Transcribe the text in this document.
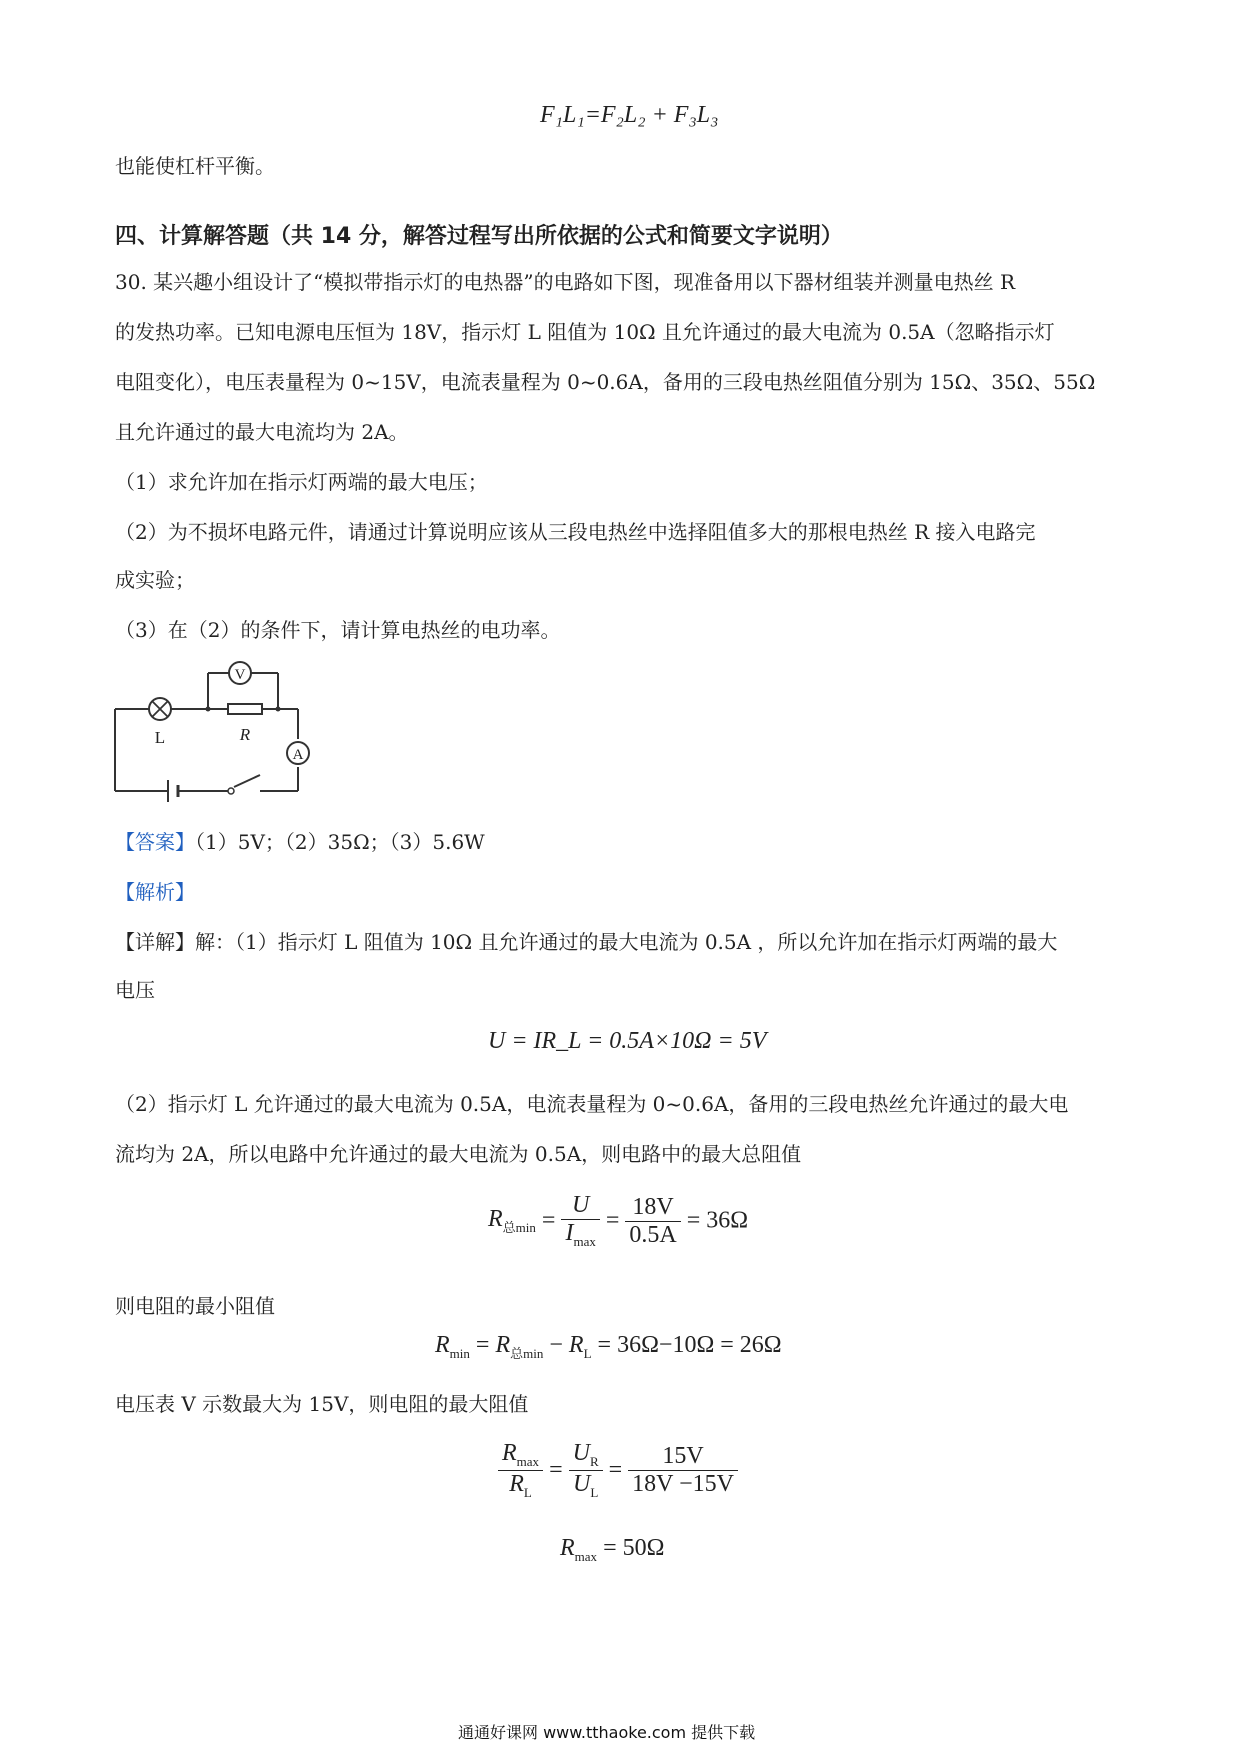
F₁L₁=F₂L₂ + F₃L₃
也能使杠杆平衡。
四、计算解答题（共 14 分，解答过程写出所依据的公式和简要文字说明）
30. 某兴趣小组设计了“模拟带指示灯的电热器”的电路如下图，现准备用以下器材组装并测量电热丝 R
的发热功率。已知电源电压恒为 18V，指示灯 L 阻值为 10Ω 且允许通过的最大电流为 0.5A（忽略指示灯
电阻变化），电压表量程为 0~15V，电流表量程为 0~0.6A，备用的三段电热丝阻值分别为 15Ω、35Ω、55Ω
且允许通过的最大电流均为 2A。
（1）求允许加在指示灯两端的最大电压；
（2）为不损坏电路元件，请通过计算说明应该从三段电热丝中选择阻值多大的那根电热丝 R 接入电路完
成实验；
（3）在（2）的条件下，请计算电热丝的电功率。
V
A
L	R
【答案】（1）5V；（2）35Ω；（3）5.6W
【解析】
【详解】解：（1）指示灯 L 阻值为 10Ω 且允许通过的最大电流为 0.5A ，所以允许加在指示灯两端的最大
电压
U = IR_L = 0.5A×10Ω = 5V
（2）指示灯 L 允许通过的最大电流为 0.5A，电流表量程为 0~0.6A，备用的三段电热丝允许通过的最大电
流均为 2A，所以电路中允许通过的最大电流为 0.5A，则电路中的最大总阻值
$R_{总min} = \frac{U}{I_{max}} = \frac{18V}{0.5A} = 36\Omega$
则电阻的最小阻值
$R_{min} = R_{总min} - R_L = 36\Omega-10\Omega = 26\Omega$
电压表 V 示数最大为 15V，则电阻的最大阻值
$\frac{R_{max}}{R_L} = \frac{U_R}{U_L} = \frac{15V}{18V -15V}$
$R_{max} = 50\Omega$
通通好课网 www.tthaoke.com 提供下载
